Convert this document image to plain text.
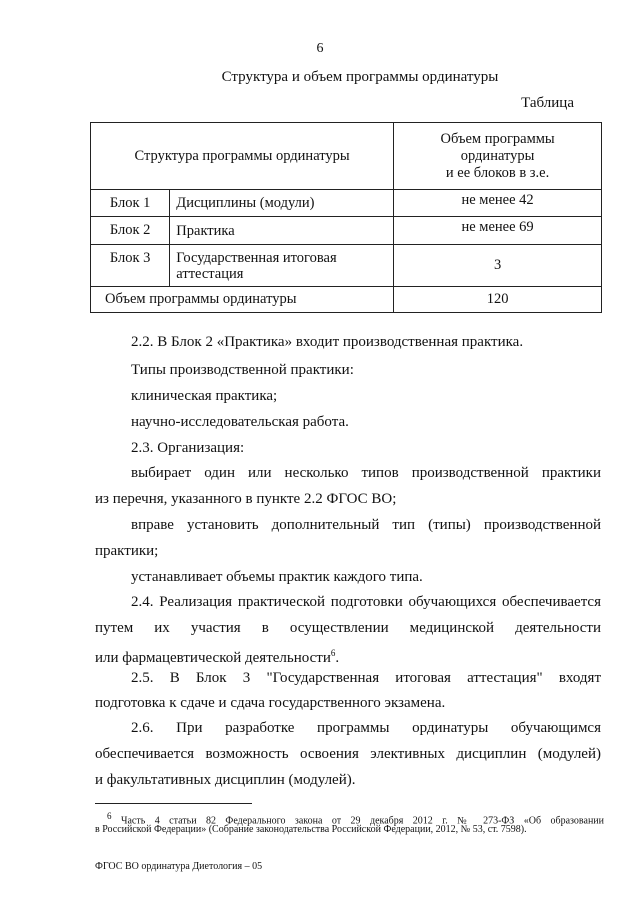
6
Структура и объем программы ординатуры
Таблица
Структура программы ординатуры		Объем программы
ординатуры
и ее блоков в з.е.
Блок 1	Дисциплины (модули)	не менее 42
Блок 2	Практика	не менее 69
Блок 3	Государственная итоговая аттестация	3
Объем программы ординатуры		120
2.2. В Блок 2 «Практика» входит производственная практика.
Типы производственной практики:
клиническая практика;
научно-исследовательская работа.
2.3. Организация:
выбирает один или несколько типов производственной практики
из перечня, указанного в пункте 2.2 ФГОС ВО;
вправе установить дополнительный тип (типы) производственной
практики;
устанавливает объемы практик каждого типа.
2.4. Реализация практической подготовки обучающихся обеспечивается
путем их участия в осуществлении медицинской деятельности
или фармацевтической деятельности$^6$.
2.5. В Блок 3 "Государственная итоговая аттестация" входят
подготовка к сдаче и сдача государственного экзамена.
2.6. При разработке программы ординатуры обучающимся
обеспечивается возможность освоения элективных дисциплин (модулей)
и факультативных дисциплин (модулей).
$^6$ Часть 4 статьи 82 Федерального закона от 29 декабря 2012 г. № 273-ФЗ «Об образовании
в Российской Федерации» (Собрание законодательства Российской Федерации, 2012, № 53, ст. 7598).
ФГОС ВО ординатура Диетология – 05
